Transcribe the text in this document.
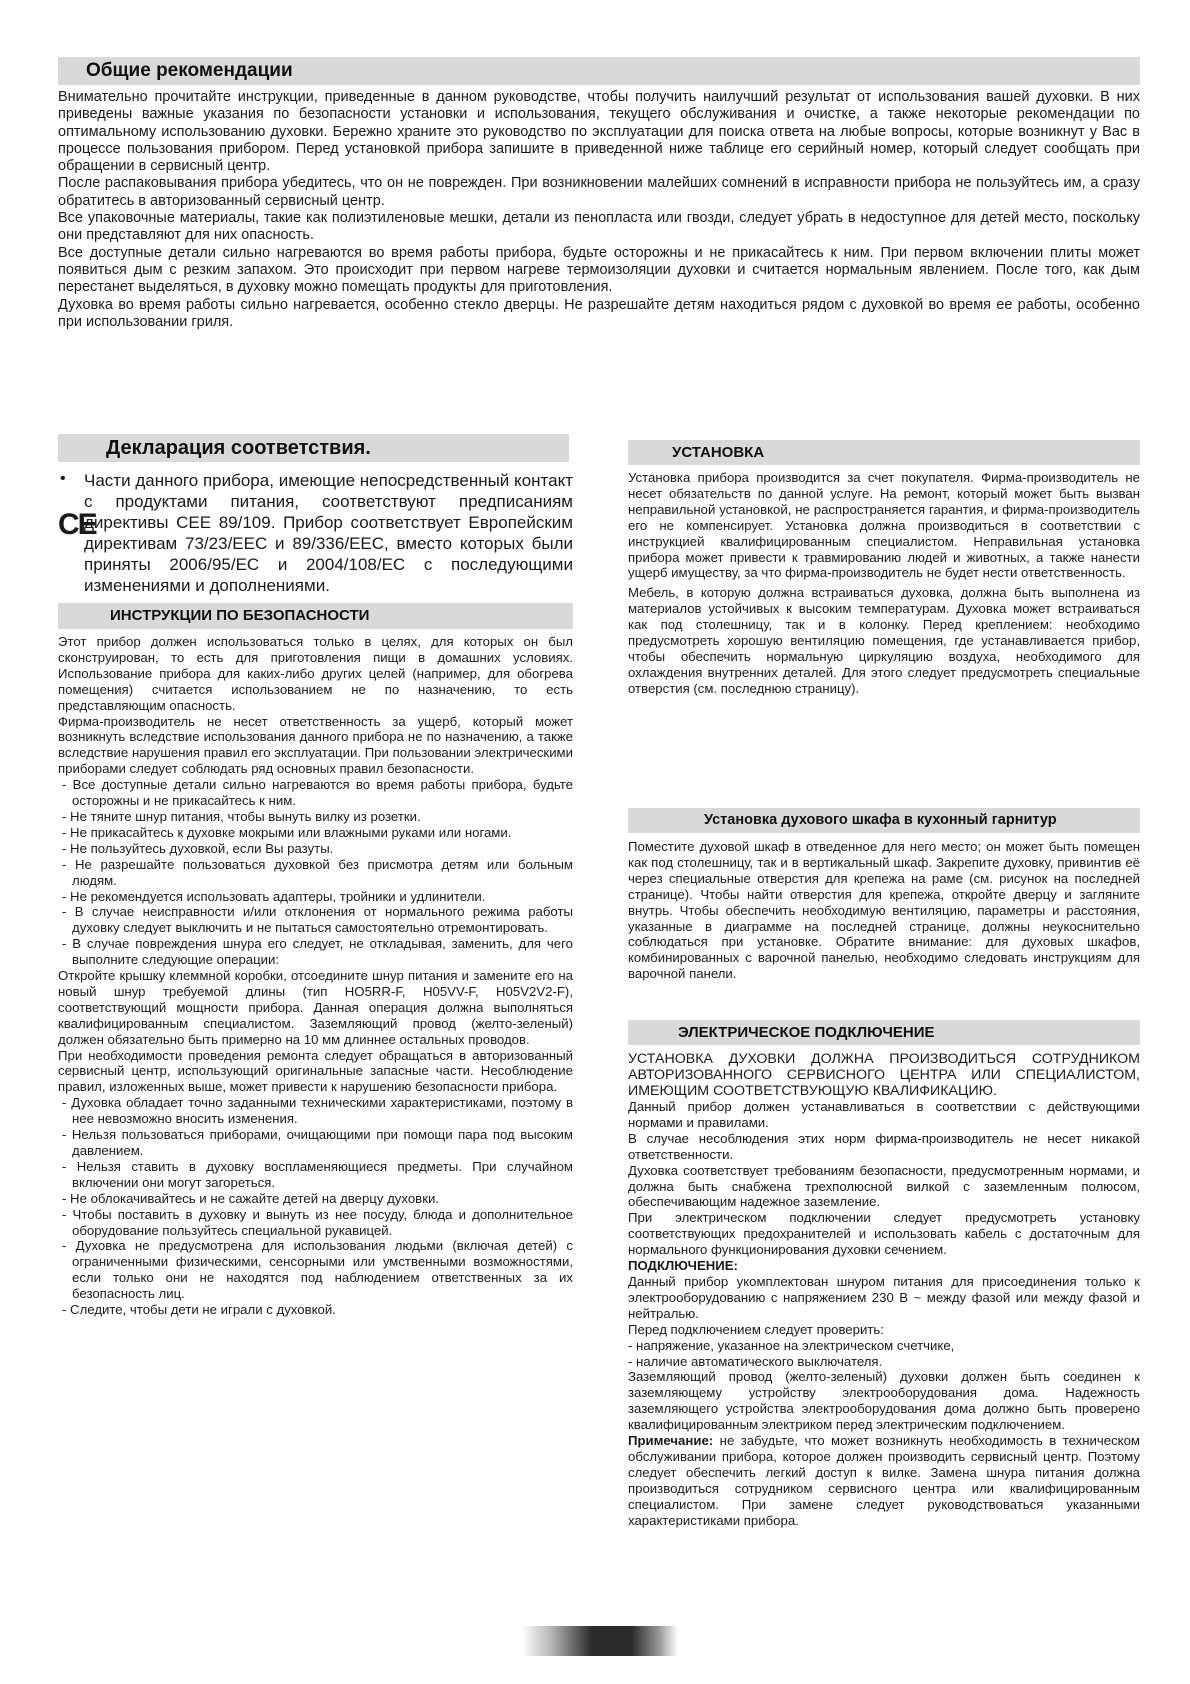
Общие рекомендации

Внимательно прочитайте инструкции, приведенные в данном руководстве, чтобы получить наилучший результат от использования вашей духовки. В них приведены важные указания по безопасности установки и использования, текущего обслуживания и очистке, а также некоторые рекомендации по оптимальному использованию духовки. Бережно храните это руководство по эксплуатации для поиска ответа на любые вопросы, которые возникнут у Вас в процессе пользования прибором. Перед установкой прибора запишите в приведенной ниже таблице его серийный номер, который следует сообщать при обращении в сервисный центр.

После распаковывания прибора убедитесь, что он не поврежден. При возникновении малейших сомнений в исправности прибора не пользуйтесь им, а сразу обратитесь в авторизованный сервисный центр.

Все упаковочные материалы, такие как полиэтиленовые мешки, детали из пенопласта или гвозди, следует убрать в недоступное для детей место, поскольку они представляют для них опасность.

Все доступные детали сильно нагреваются во время работы прибора, будьте осторожны и не прикасайтесь к ним. При первом включении плиты может появиться дым с резким запахом. Это происходит при первом нагреве термоизоляции духовки и считается нормальным явлением. После того, как дым перестанет выделяться, в духовку можно помещать продукты для приготовления.

Духовка во время работы сильно нагревается, особенно стекло дверцы. Не разрешайте детям находиться рядом с духовкой во время ее работы, особенно при использовании гриля.

Декларация соответствия.
•
CE

Части данного прибора, имеющие непосредственный контакт с продуктами питания, соответствуют предписаниям директивы CEE 89/109. Прибор соответствует Европейским директивам 73/23/EEC и 89/336/EEC, вместо которых были приняты 2006/95/EC и 2004/108/EC с последующими изменениями и дополнениями.

ИНСТРУКЦИИ ПО БЕЗОПАСНОСТИ

Этот прибор должен использоваться только в целях, для которых он был сконструирован, то есть для приготовления пищи в домашних условиях. Использование прибора для каких-либо других целей (например, для обогрева помещения) считается использованием не по назначению, то есть представляющим опасность.

Фирма-производитель не несет ответственность за ущерб, который может возникнуть вследствие использования данного прибора не по назначению, а также вследствие нарушения правил его эксплуатации. При пользовании электрическими приборами следует соблюдать ряд основных правил безопасности.

- Все доступные детали сильно нагреваются во время работы прибора, будьте осторожны и не прикасайтесь к ним.

- Не тяните шнур питания, чтобы вынуть вилку из розетки.

- Не прикасайтесь к духовке мокрыми или влажными руками или ногами.

- Не пользуйтесь духовкой, если Вы разуты.

- Не разрешайте пользоваться духовкой без присмотра детям или больным людям.

- Не рекомендуется использовать адаптеры, тройники и удлинители.

- В случае неисправности и/или отклонения от нормального режима работы духовку следует выключить и не пытаться самостоятельно отремонтировать.

- В случае повреждения шнура его следует, не откладывая, заменить, для чего выполните следующие операции:

Откройте крышку клеммной коробки, отсоедините шнур питания и замените его на новый шнур требуемой длины (тип HO5RR-F, H05VV-F, H05V2V2-F), соответствующий мощности прибора. Данная операция должна выполняться квалифицированным специалистом. Заземляющий провод (желто-зеленый) должен обязательно быть примерно на 10 мм длиннее остальных проводов.

При необходимости проведения ремонта следует обращаться в авторизованный сервисный центр, использующий оригинальные запасные части. Несоблюдение правил, изложенных выше, может привести к нарушению безопасности прибора.

- Духовка обладает точно заданными техническими характеристиками, поэтому в нее невозможно вносить изменения.

- Нельзя пользоваться приборами, очищающими при помощи пара под высоким давлением.

- Нельзя ставить в духовку воспламеняющиеся предметы. При случайном включении они могут загореться.

- Не облокачивайтесь и не сажайте детей на дверцу духовки.

- Чтобы поставить в духовку и вынуть из нее посуду, блюда и дополнительное оборудование пользуйтесь специальной рукавицей.

- Духовка не предусмотрена для использования людьми (включая детей) с ограниченными физическими, сенсорными или умственными возможностями, если только они не находятся под наблюдением ответственных за их безопасность лиц.

- Следите, чтобы дети не играли с духовкой.

УСТАНОВКА

Установка прибора производится за счет покупателя. Фирма-производитель не несет обязательств по данной услуге. На ремонт, который может быть вызван неправильной установкой, не распространяется гарантия, и фирма-производитель его не компенсирует. Установка должна производиться в соответствии с инструкцией квалифицированным специалистом. Неправильная установка прибора может привести к травмированию людей и животных, а также нанести ущерб имуществу, за что фирма-производитель не будет нести ответственность.

Мебель, в которую должна встраиваться духовка, должна быть выполнена из материалов устойчивых к высоким температурам. Духовка может встраиваться как под столешницу, так и в колонку. Перед креплением: необходимо предусмотреть хорошую вентиляцию помещения, где устанавливается прибор, чтобы обеспечить нормальную циркуляцию воздуха, необходимого для охлаждения внутренних деталей. Для этого следует предусмотреть специальные отверстия (см. последнюю страницу).

Установка духового шкафа в кухонный гарнитур

Поместите духовой шкаф в отведенное для него место; он может быть помещен как под столешницу, так и в вертикальный шкаф. Закрепите духовку, привинтив её через специальные отверстия для крепежа на раме (см. рисунок на последней странице). Чтобы найти отверстия для крепежа, откройте дверцу и загляните внутрь. Чтобы обеспечить необходимую вентиляцию, параметры и расстояния, указанные в диаграмме на последней странице, должны неукоснительно соблюдаться при установке. Обратите внимание: для духовых шкафов, комбинированных с варочной панелью, необходимо следовать инструкциям для варочной панели.

ЭЛЕКТРИЧЕСКОЕ ПОДКЛЮЧЕНИЕ

УСТАНОВКА ДУХОВКИ ДОЛЖНА ПРОИЗВОДИТЬСЯ СОТРУДНИКОМ АВТОРИЗОВАННОГО СЕРВИСНОГО ЦЕНТРА ИЛИ СПЕЦИАЛИСТОМ, ИМЕЮЩИМ СООТВЕТСТВУЮЩУЮ КВАЛИФИКАЦИЮ.

Данный прибор должен устанавливаться в соответствии с действующими нормами и правилами.

В случае несоблюдения этих норм фирма-производитель не несет никакой ответственности.

Духовка соответствует требованиям безопасности, предусмотренным нормами, и должна быть снабжена трехполюсной вилкой с заземленным полюсом, обеспечивающим надежное заземление.

При электрическом подключении следует предусмотреть установку соответствующих предохранителей и использовать кабель с достаточным для нормального функционирования духовки сечением.

ПОДКЛЮЧЕНИЕ:

Данный прибор укомплектован шнуром питания для присоединения только к электрооборудованию с напряжением 230 В ~ между фазой или между фазой и нейтралью.

Перед подключением следует проверить:

- напряжение, указанное на электрическом счетчике,

- наличие автоматического выключателя.

Заземляющий провод (желто-зеленый) духовки должен быть соединен к заземляющему устройству электрооборудования дома. Надежность заземляющего устройства электрооборудования дома должно быть проверено квалифицированным электриком перед электрическим подключением.

Примечание: не забудьте, что может возникнуть необходимость в техническом обслуживании прибора, которое должен производить сервисный центр. Поэтому следует обеспечить легкий доступ к вилке. Замена шнура питания должна производиться сотрудником сервисного центра или квалифицированным специалистом. При замене следует руководствоваться указанными характеристиками прибора.
